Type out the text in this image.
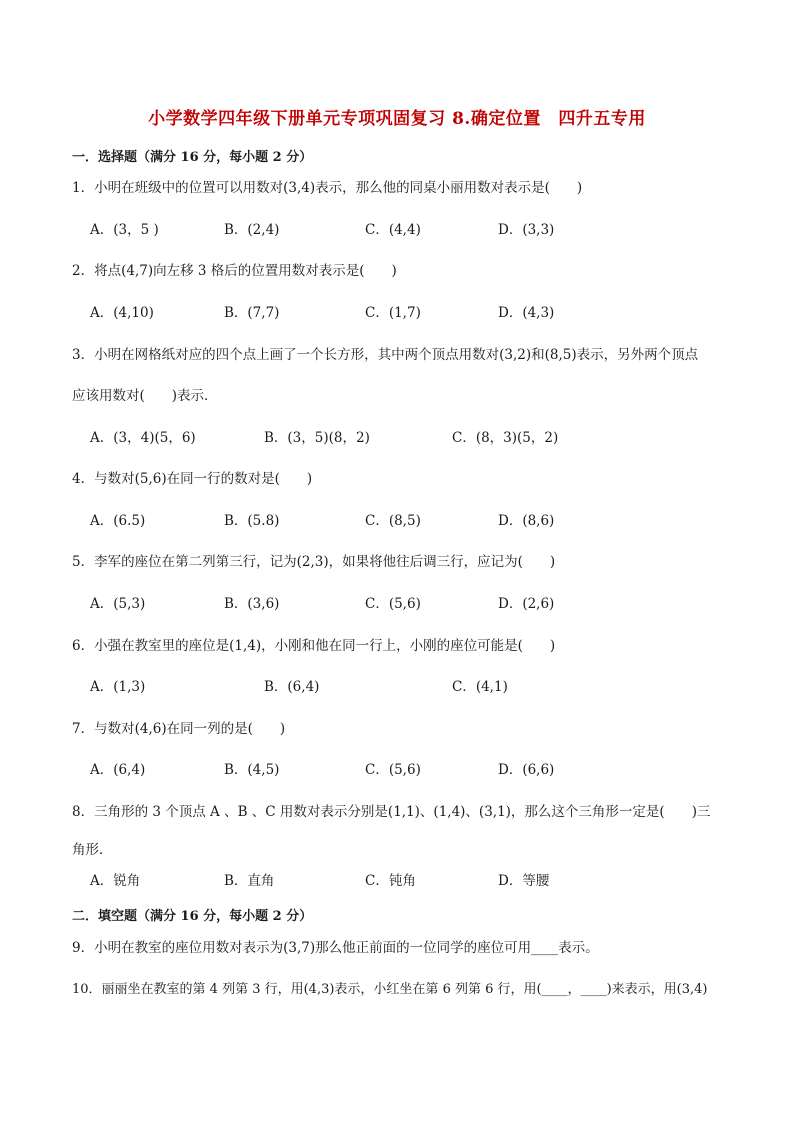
小学数学四年级下册单元专项巩固复习 8.确定位置　四升五专用
一．选择题（满分 16 分，每小题 2 分）
1．小明在班级中的位置可以用数对(3,4)表示，那么他的同桌小丽用数对表示是(　　)
A．(3，5 )	B．(2,4)	C．(4,4)	D．(3,3)
2．将点(4,7)向左移 3 格后的位置用数对表示是(　　)
A．(4,10)	B．(7,7)	C．(1,7)	D．(4,3)
3．小明在网格纸对应的四个点上画了一个长方形，其中两个顶点用数对(3,2)和(8,5)表示，另外两个顶点
应该用数对(　　)表示．
A．(3，4)(5，6)	B．(3，5)(8，2)	C．(8，3)(5，2)
4．与数对(5,6)在同一行的数对是(　　)
A．(6.5)	B．(5.8)	C．(8,5)	D．(8,6)
5．李军的座位在第二列第三行，记为(2,3)，如果将他往后调三行，应记为(　　)
A．(5,3)	B．(3,6)	C．(5,6)	D．(2,6)
6．小强在教室里的座位是(1,4)，小刚和他在同一行上，小刚的座位可能是(　　)
A．(1,3)	B．(6,4)	C．(4,1)
7．与数对(4,6)在同一列的是(　　)
A．(6,4)	B．(4,5)	C．(5,6)	D．(6,6)
8．三角形的 3 个顶点 A 、B 、C 用数对表示分别是(1,1)、(1,4)、(3,1)，那么这个三角形一定是(　　)三
角形．
A．锐角	B．直角	C．钝角	D．等腰
二．填空题（满分 16 分，每小题 2 分）
9．小明在教室的座位用数对表示为(3,7)那么他正前面的一位同学的座位可用____表示。
10．丽丽坐在教室的第 4 列第 3 行，用(4,3)表示，小红坐在第 6 列第 6 行，用(____，____)来表示，用(3,4)
